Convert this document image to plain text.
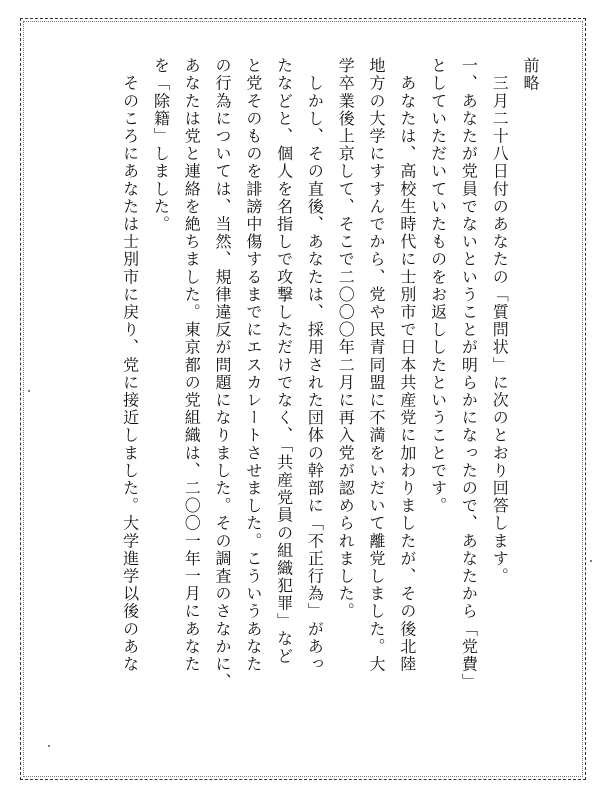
前略
　三月二十八日付のあなたの「質問状」に次のとおり回答します。
一、あなたが党員でないということが明らかになったので、あなたから「党費」
としていただいていたものをお返ししたということです。
　あなたは、高校生時代に士別市で日本共産党に加わりましたが、その後北陸
地方の大学にすすんでから、党や民青同盟に不満をいだいて離党しました。大
学卒業後上京して、そこで二〇〇〇年二月に再入党が認められました。
　しかし、その直後、あなたは、採用された団体の幹部に「不正行為」があっ
たなどと、個人を名指しで攻撃しただけでなく、「共産党員の組織犯罪」など
と党そのものを誹謗中傷するまでにエスカレートさせました。こういうあなた
の行為については、当然、規律違反が問題になりました。その調査のさなかに、
あなたは党と連絡を絶ちました。東京都の党組織は、二〇〇一年一月にあなた
を「除籍」しました。
　そのころにあなたは士別市に戻り、党に接近しました。大学進学以後のあな
